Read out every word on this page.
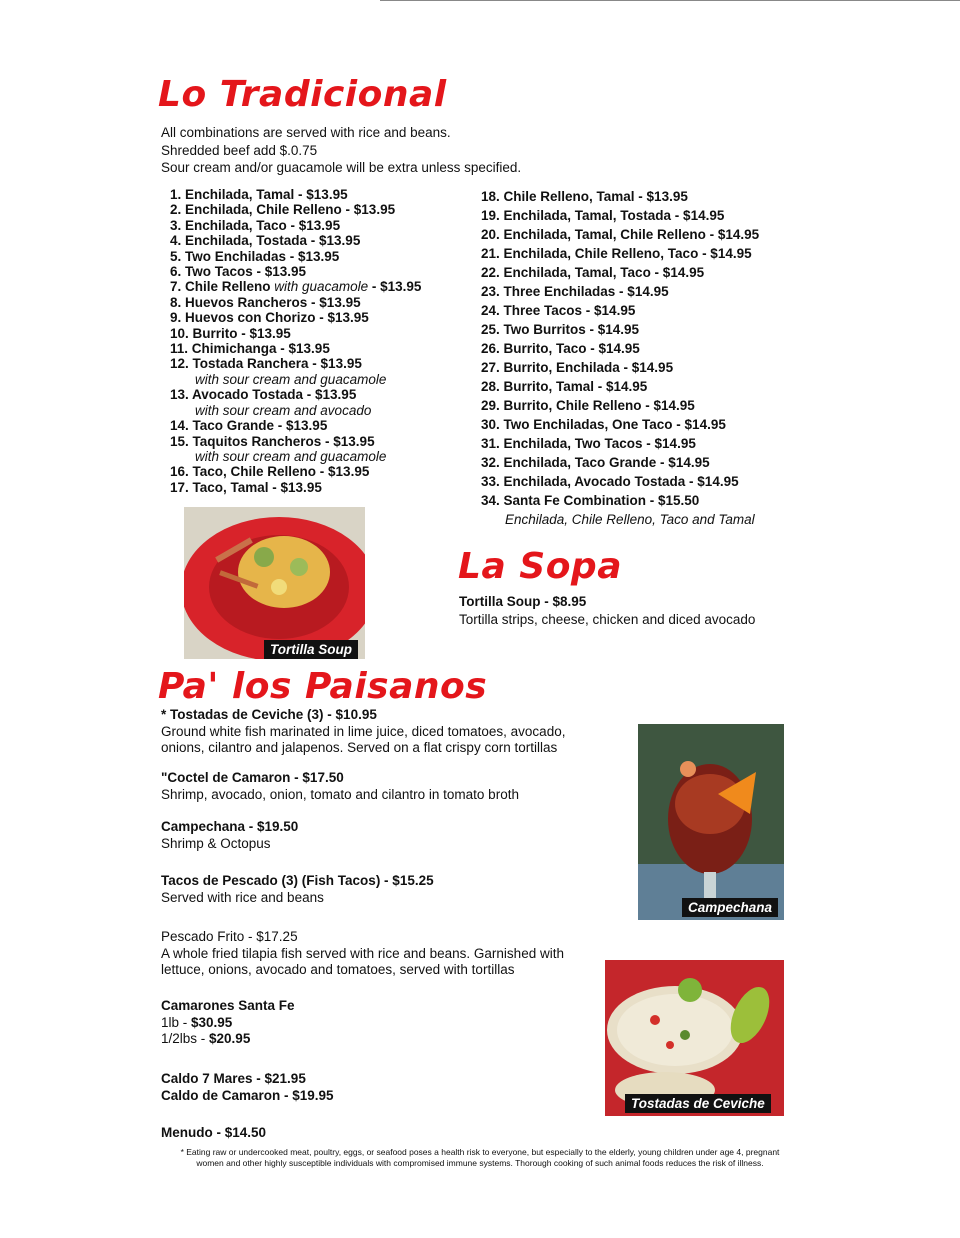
Lo Tradicional
All combinations are served with rice and beans.
Shredded beef add $.0.75
Sour cream and/or guacamole will be extra unless specified.
1. Enchilada, Tamal - $13.95
2. Enchilada, Chile Relleno - $13.95
3. Enchilada, Taco - $13.95
4. Enchilada, Tostada - $13.95
5. Two Enchiladas - $13.95
6. Two Tacos - $13.95
7. Chile Relleno with guacamole - $13.95
8. Huevos Rancheros - $13.95
9. Huevos con Chorizo - $13.95
10. Burrito - $13.95
11. Chimichanga - $13.95
12. Tostada Ranchera - $13.95
with sour cream and guacamole
13. Avocado Tostada - $13.95
with sour cream and avocado
14. Taco Grande - $13.95
15. Taquitos Rancheros - $13.95
with sour cream and guacamole
16. Taco, Chile Relleno - $13.95
17. Taco, Tamal - $13.95
18. Chile Relleno, Tamal - $13.95
19. Enchilada, Tamal, Tostada - $14.95
20. Enchilada, Tamal, Chile Relleno - $14.95
21. Enchilada, Chile Relleno, Taco - $14.95
22. Enchilada, Tamal, Taco - $14.95
23. Three Enchiladas - $14.95
24. Three Tacos - $14.95
25. Two Burritos - $14.95
26. Burrito, Taco - $14.95
27. Burrito, Enchilada - $14.95
28. Burrito, Tamal - $14.95
29. Burrito, Chile Relleno - $14.95
30. Two Enchiladas, One Taco - $14.95
31. Enchilada, Two Tacos - $14.95
32. Enchilada, Taco Grande - $14.95
33. Enchilada, Avocado Tostada - $14.95
34. Santa Fe Combination - $15.50
Enchilada, Chile Relleno, Taco and Tamal
Tortilla Soup
La Sopa
Tortilla Soup - $8.95
Tortilla strips, cheese, chicken and diced avocado
Pa' los Paisanos
* Tostadas de Ceviche (3) - $10.95
Ground white fish marinated in lime juice, diced tomatoes, avocado,
onions, cilantro and jalapenos. Served on a flat crispy corn tortillas
"Coctel de Camaron - $17.50
Shrimp, avocado, onion, tomato and cilantro in tomato broth
Campechana - $19.50
Shrimp & Octopus
Tacos de Pescado (3) (Fish Tacos) - $15.25
Served with rice and beans
Pescado Frito - $17.25
A whole fried tilapia fish served with rice and beans. Garnished with
lettuce, onions, avocado and tomatoes, served with tortillas
Camarones Santa Fe
1lb - $30.95
1/2lbs - $20.95
Caldo 7 Mares - $21.95
Caldo de Camaron - $19.95
Menudo - $14.50
Campechana
Tostadas de Ceviche
* Eating raw or undercooked meat, poultry, eggs, or seafood poses a health risk to everyone, but especially to the elderly, young children under age 4, pregnant
women and other highly susceptible individuals with compromised immune systems. Thorough cooking of such animal foods reduces the risk of illness.
